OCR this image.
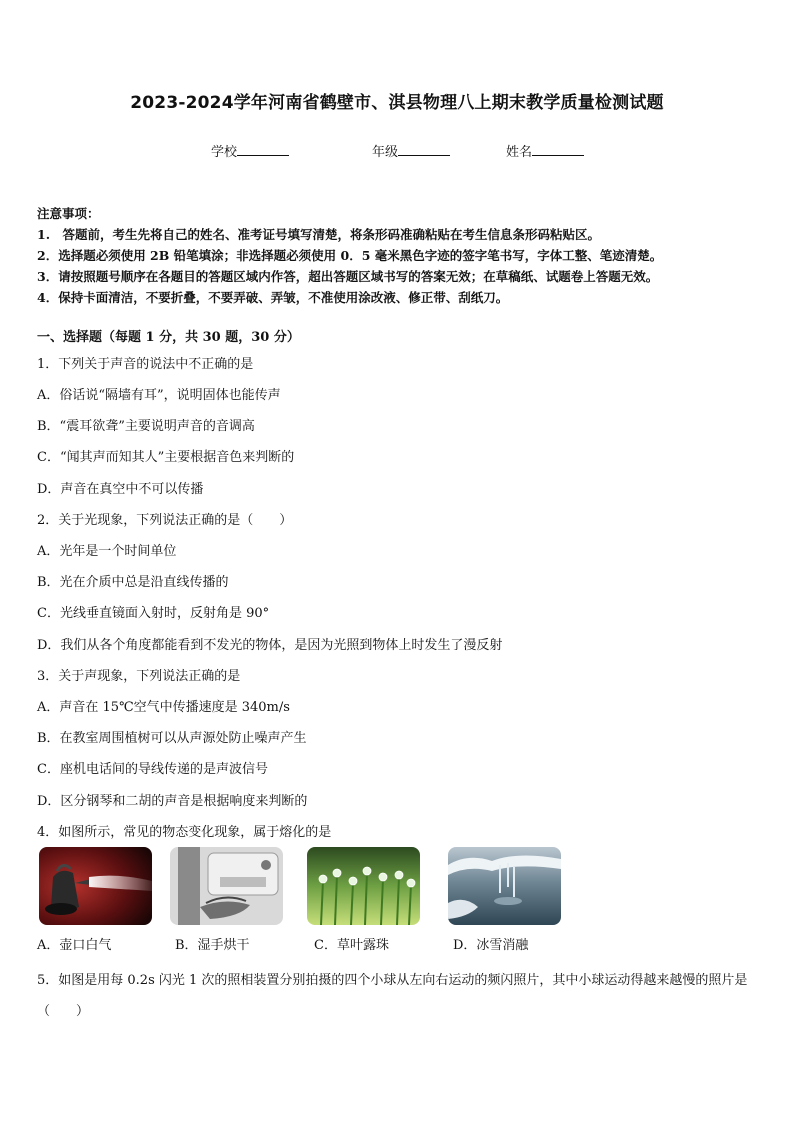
2023-2024学年河南省鹤壁市、淇县物理八上期末教学质量检测试题
学校	年级	姓名
注意事项：
1.　答题前，考生先将自己的姓名、准考证号填写清楚，将条形码准确粘贴在考生信息条形码粘贴区。
2．选择题必须使用 2B 铅笔填涂；非选择题必须使用 0．5 毫米黑色字迹的签字笔书写，字体工整、笔迹清楚。
3．请按照题号顺序在各题目的答题区域内作答，超出答题区域书写的答案无效；在草稿纸、试题卷上答题无效。
4．保持卡面清洁，不要折叠，不要弄破、弄皱，不准使用涂改液、修正带、刮纸刀。
一、选择题（每题 1 分，共 30 题，30 分）
1．下列关于声音的说法中不正确的是
A．俗话说“隔墙有耳”，说明固体也能传声
B．“震耳欲聋”主要说明声音的音调高
C．“闻其声而知其人”主要根据音色来判断的
D．声音在真空中不可以传播
2．关于光现象，下列说法正确的是（　　）
A．光年是一个时间单位
B．光在介质中总是沿直线传播的
C．光线垂直镜面入射时，反射角是 90°
D．我们从各个角度都能看到不发光的物体，是因为光照到物体上时发生了漫反射
3．关于声现象，下列说法正确的是
A．声音在 15℃空气中传播速度是 340m/s
B．在教室周围植树可以从声源处防止噪声产生
C．座机电话间的导线传递的是声波信号
D．区分钢琴和二胡的声音是根据响度来判断的
4．如图所示，常见的物态变化现象，属于熔化的是
A．壶口白气	B．湿手烘干	C．草叶露珠	D．冰雪消融
5．如图是用每 0.2s 闪光 1 次的照相装置分别拍摄的四个小球从左向右运动的频闪照片，其中小球运动得越来越慢的照片是（　　）
